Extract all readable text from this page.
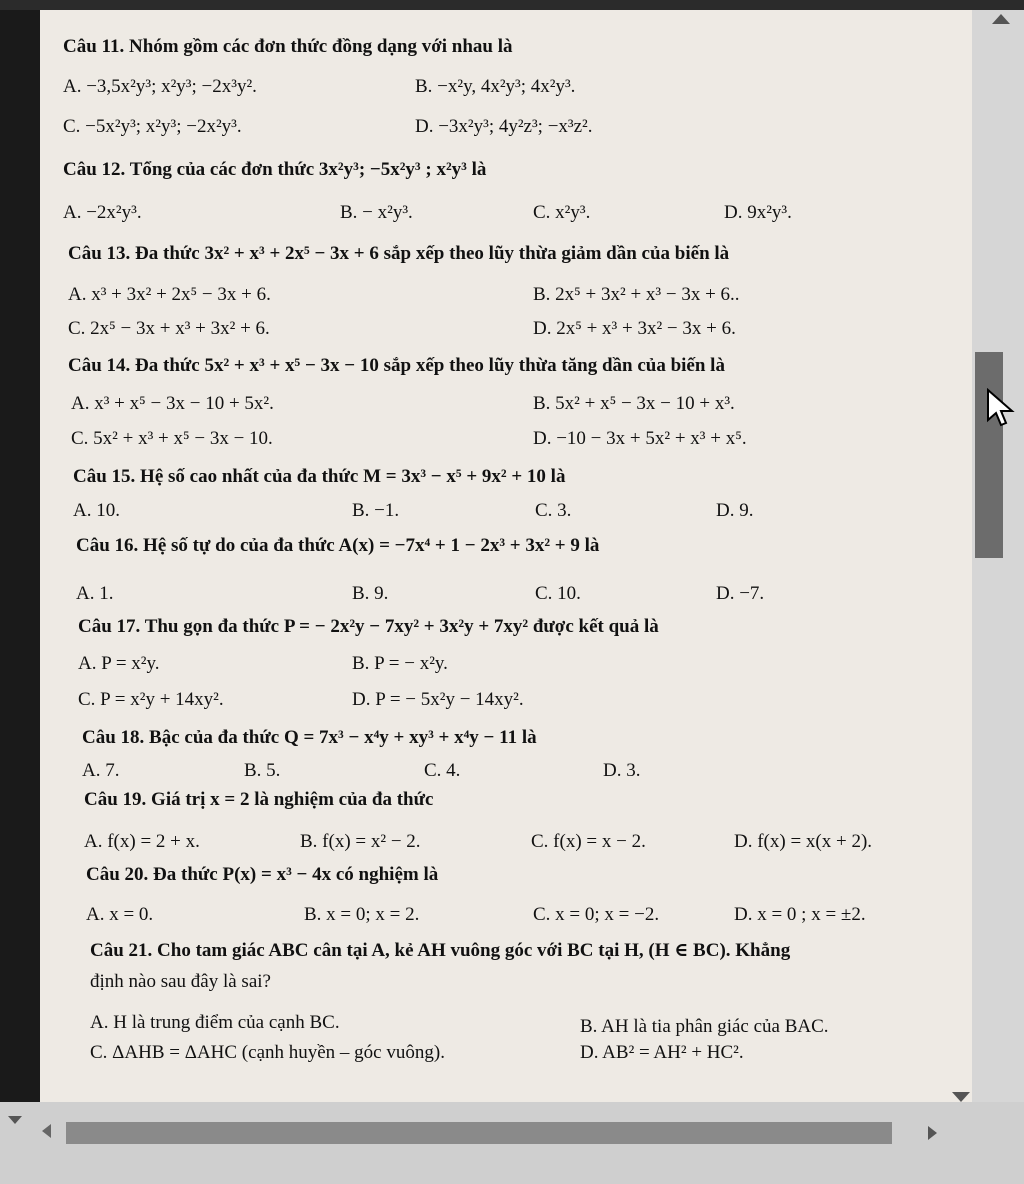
Câu 11. Nhóm gồm các đơn thức đồng dạng với nhau là
A. −3,5x²y³; x²y³; −2x³y².	B. −x²y, 4x²y³; 4x²y³.
C. −5x²y³; x²y³; −2x²y³.	D. −3x²y³; 4y²z³; −x³z².
Câu 12. Tổng của các đơn thức 3x²y³; −5x²y³ ; x²y³ là
A. −2x²y³.	B. − x²y³.	C. x²y³.	D. 9x²y³.
Câu 13. Đa thức 3x² + x³ + 2x⁵ − 3x + 6 sắp xếp theo lũy thừa giảm dần của biến là
A. x³ + 3x² + 2x⁵ − 3x + 6.	B. 2x⁵ + 3x² + x³ − 3x + 6..
C. 2x⁵ − 3x + x³ + 3x² + 6.	D. 2x⁵ + x³ + 3x² − 3x + 6.
Câu 14. Đa thức 5x² + x³ + x⁵ − 3x − 10 sắp xếp theo lũy thừa tăng dần của biến là
A. x³ + x⁵ − 3x − 10 + 5x².	B. 5x² + x⁵ − 3x − 10 + x³.
C. 5x² + x³ + x⁵ − 3x − 10.	D. −10 − 3x + 5x² + x³ + x⁵.
Câu 15. Hệ số cao nhất của đa thức M = 3x³ − x⁵ + 9x² + 10 là
A. 10.	B. −1.	C. 3.	D. 9.
Câu 16. Hệ số tự do của đa thức A(x) = −7x⁴ + 1 − 2x³ + 3x² + 9 là
A. 1.	B. 9.	C. 10.	D. −7.
Câu 17. Thu gọn đa thức P = − 2x²y − 7xy² + 3x²y + 7xy² được kết quả là
A. P = x²y.	B. P = − x²y.
C. P = x²y + 14xy².	D. P = − 5x²y − 14xy².
Câu 18. Bậc của đa thức Q = 7x³ − x⁴y + xy³ + x⁴y − 11 là
A. 7.	B. 5.	C. 4.	D. 3.
Câu 19. Giá trị x = 2 là nghiệm của đa thức
A. f(x) = 2 + x.	B. f(x) = x² − 2.	C. f(x) = x − 2.	D. f(x) = x(x + 2).
Câu 20. Đa thức P(x) = x³ − 4x có nghiệm là
A. x = 0.	B. x = 0; x = 2.	C. x = 0; x = −2.	D. x = 0 ; x = ±2.
Câu 21. Cho tam giác ABC cân tại A, kẻ AH vuông góc với BC tại H, (H ∈ BC). Khẳng
định nào sau đây là sai?
A. H là trung điểm của cạnh BC.	B. AH là tia phân giác của BAC.
C. ΔAHB = ΔAHC (cạnh huyền – góc vuông).	D. AB² = AH² + HC².
